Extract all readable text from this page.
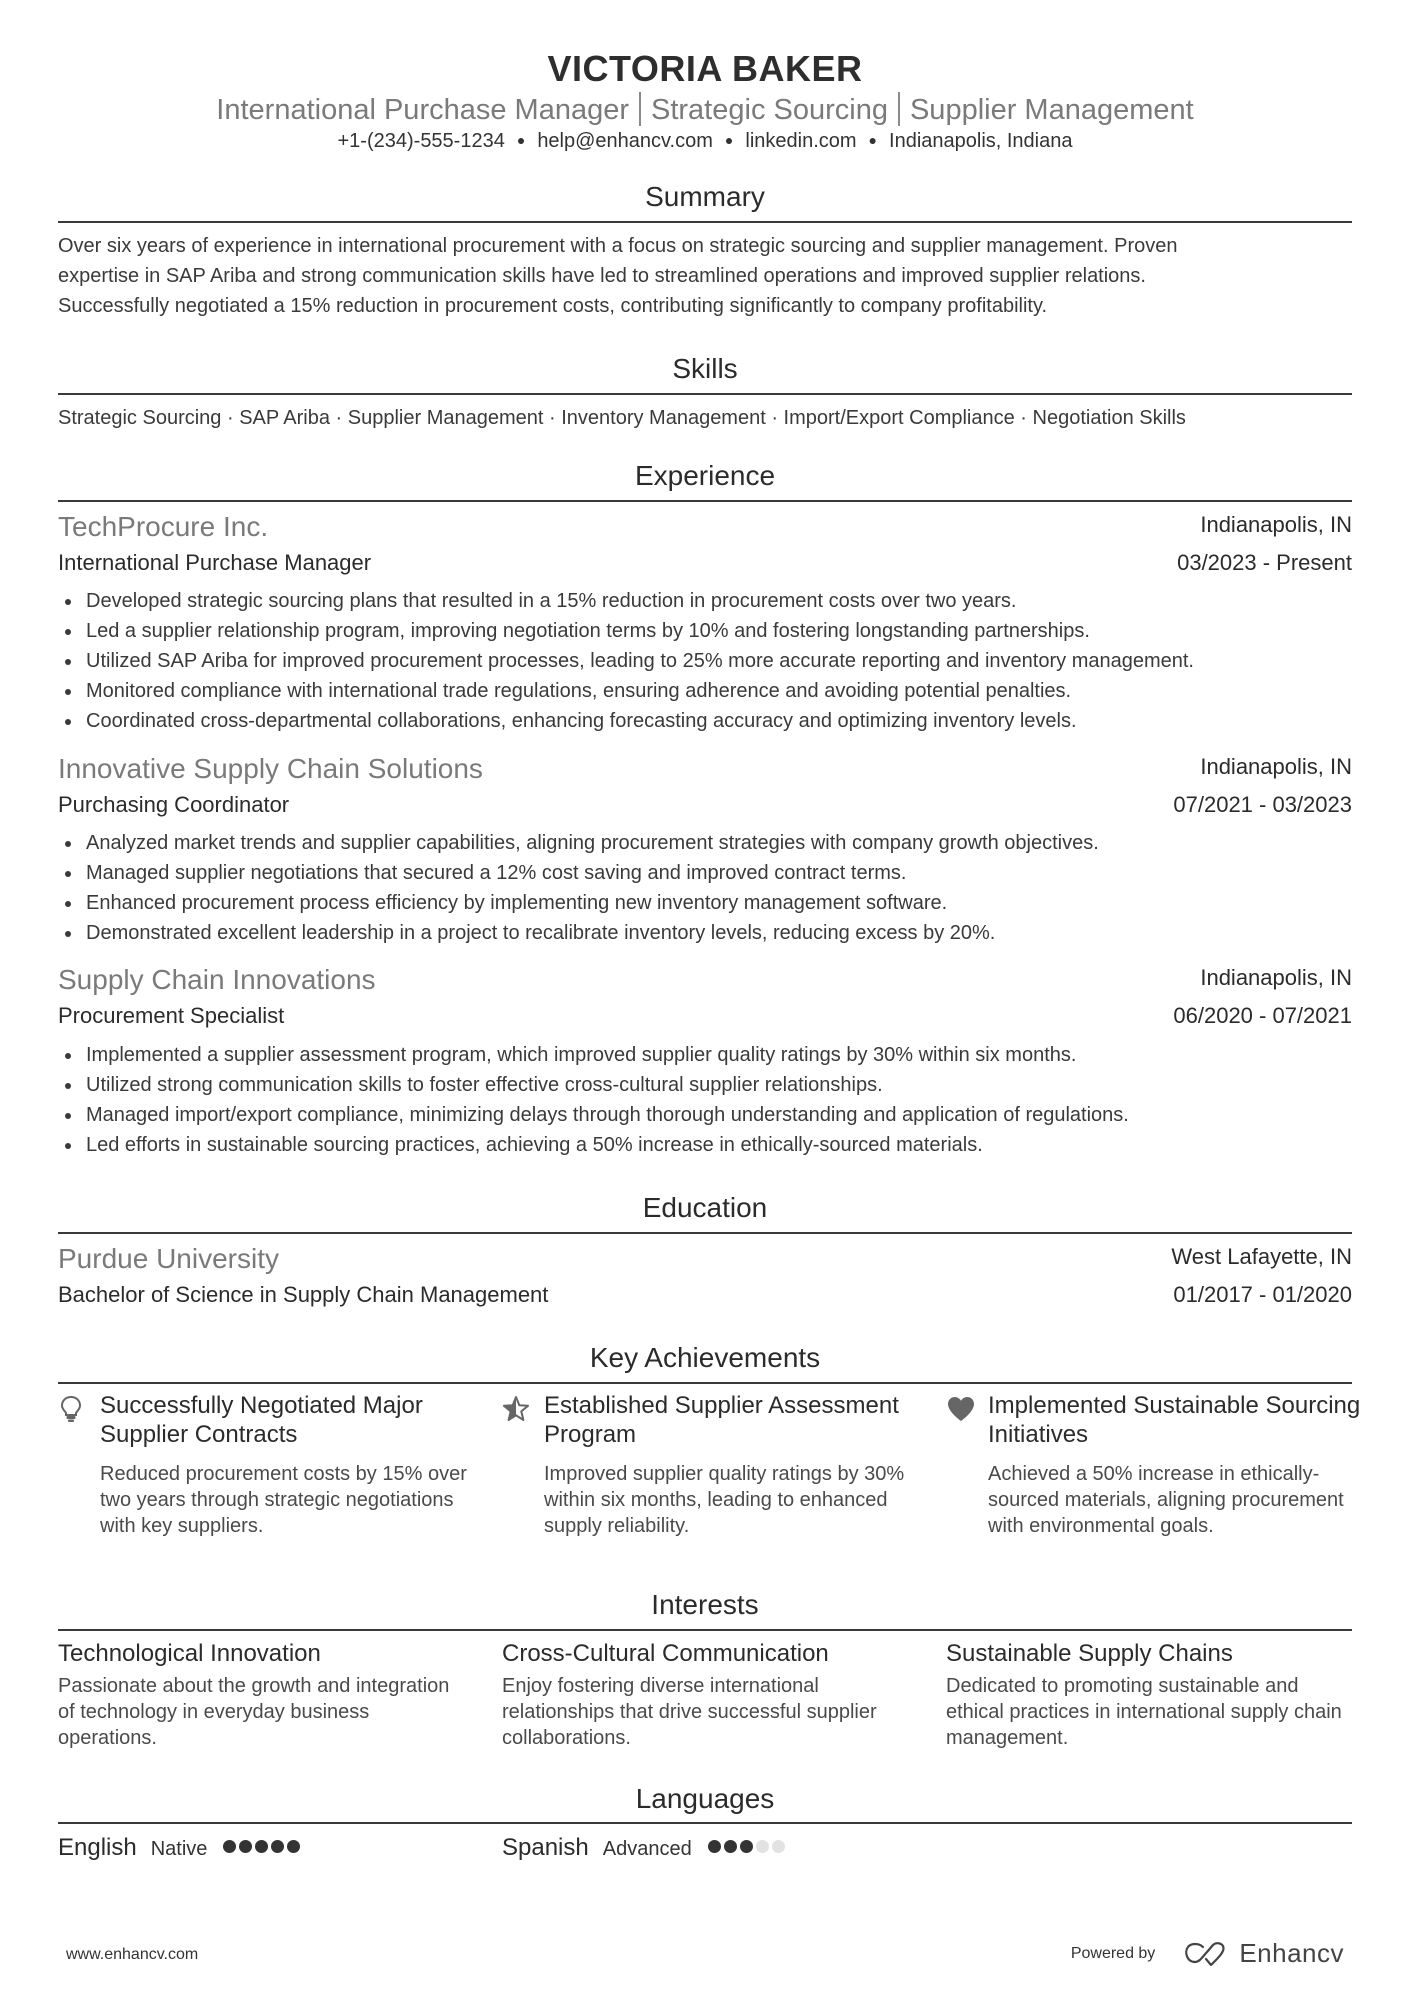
VICTORIA BAKER
International Purchase Manager Strategic Sourcing Supplier Management
+1-(234)-555-1234 ● help@enhancv.com ● linkedin.com ● Indianapolis, Indiana
Summary
Over six years of experience in international procurement with a focus on strategic sourcing and supplier management. Proven
expertise in SAP Ariba and strong communication skills have led to streamlined operations and improved supplier relations.
Successfully negotiated a 15% reduction in procurement costs, contributing significantly to company profitability.
Skills
Strategic Sourcing · SAP Ariba · Supplier Management · Inventory Management · Import/Export Compliance · Negotiation Skills
Experience
TechProcure Inc.	Indianapolis, IN
International Purchase Manager	03/2023 - Present
Developed strategic sourcing plans that resulted in a 15% reduction in procurement costs over two years.
Led a supplier relationship program, improving negotiation terms by 10% and fostering longstanding partnerships.
Utilized SAP Ariba for improved procurement processes, leading to 25% more accurate reporting and inventory management.
Monitored compliance with international trade regulations, ensuring adherence and avoiding potential penalties.
Coordinated cross-departmental collaborations, enhancing forecasting accuracy and optimizing inventory levels.
Innovative Supply Chain Solutions	Indianapolis, IN
Purchasing Coordinator	07/2021 - 03/2023
Analyzed market trends and supplier capabilities, aligning procurement strategies with company growth objectives.
Managed supplier negotiations that secured a 12% cost saving and improved contract terms.
Enhanced procurement process efficiency by implementing new inventory management software.
Demonstrated excellent leadership in a project to recalibrate inventory levels, reducing excess by 20%.
Supply Chain Innovations	Indianapolis, IN
Procurement Specialist	06/2020 - 07/2021
Implemented a supplier assessment program, which improved supplier quality ratings by 30% within six months.
Utilized strong communication skills to foster effective cross-cultural supplier relationships.
Managed import/export compliance, minimizing delays through thorough understanding and application of regulations.
Led efforts in sustainable sourcing practices, achieving a 50% increase in ethically-sourced materials.
Education
Purdue University	West Lafayette, IN
Bachelor of Science in Supply Chain Management	01/2017 - 01/2020
Key Achievements
Successfully Negotiated Major Supplier Contracts
Reduced procurement costs by 15% over two years through strategic negotiations with key suppliers.
Established Supplier Assessment Program
Improved supplier quality ratings by 30% within six months, leading to enhanced supply reliability.
Implemented Sustainable Sourcing Initiatives
Achieved a 50% increase in ethically-sourced materials, aligning procurement with environmental goals.
Interests
Technological Innovation
Passionate about the growth and integration of technology in everyday business operations.
Cross-Cultural Communication
Enjoy fostering diverse international relationships that drive successful supplier collaborations.
Sustainable Supply Chains
Dedicated to promoting sustainable and ethical practices in international supply chain management.
Languages
English Native	Spanish Advanced
www.enhancv.com	Powered by	Enhancv
